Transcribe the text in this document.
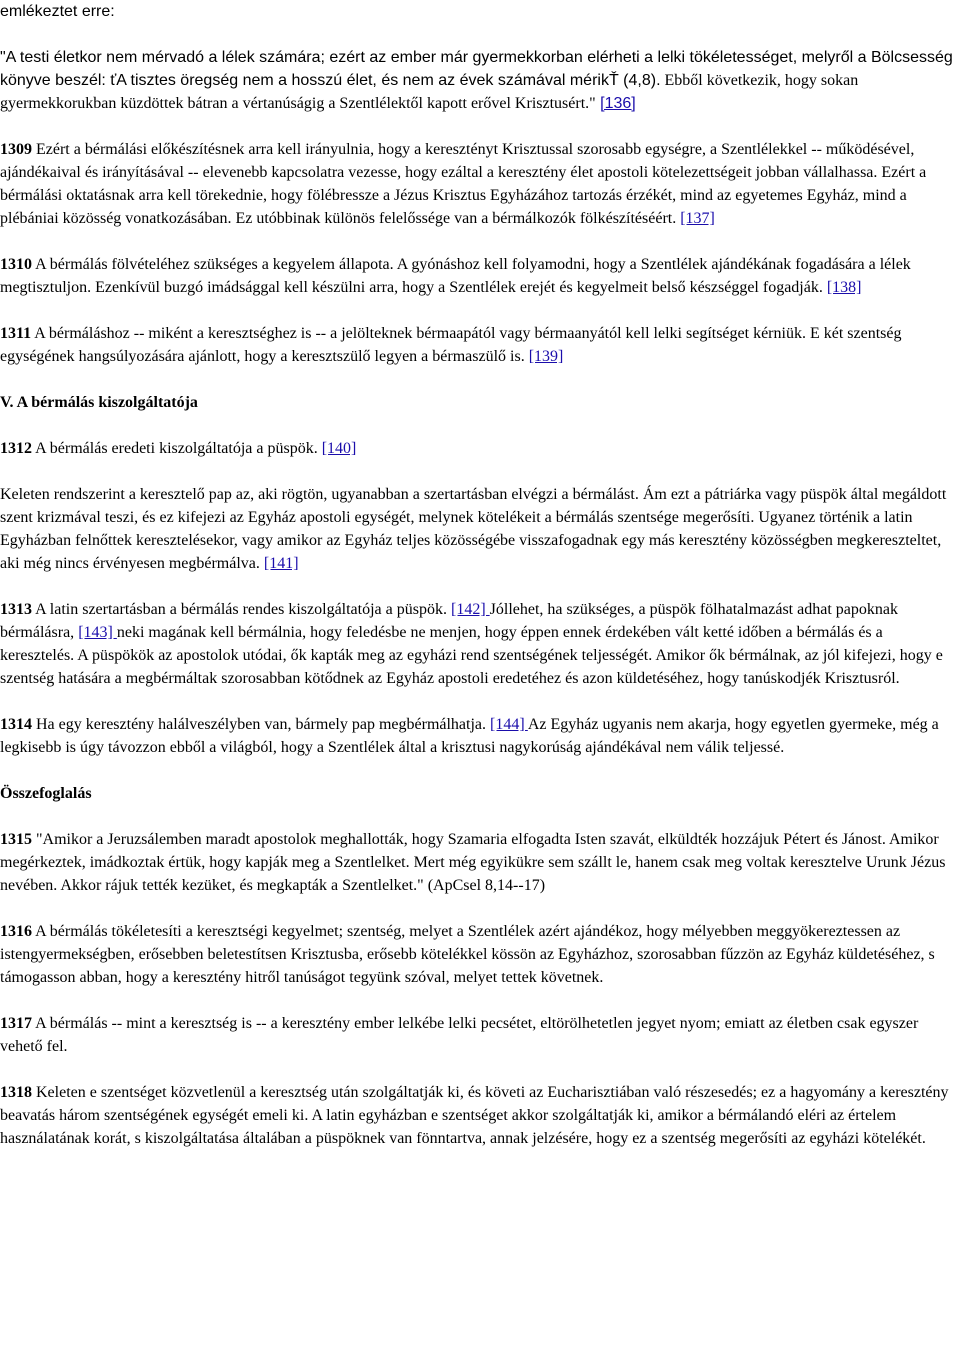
emlékeztet erre:

"A testi életkor nem mérvadó a lélek számára; ezért az ember már gyermekkorban elérheti a lelki tökéletességet, melyről a Bölcsesség könyve beszél: ťA tisztes öregség nem a hosszú élet, és nem az évek számával mérikŤ (4,8). Ebből következik, hogy sokan gyermekkorukban küzdöttek bátran a vértanúságig a Szentlélektől kapott erővel Krisztusért." [136]

1309 Ezért a bérmálási előkészítésnek arra kell irányulnia, hogy a keresztényt Krisztussal szorosabb egységre, a Szentlélekkel -- működésével, ajándékaival és irányításával -- elevenebb kapcsolatra vezesse, hogy ezáltal a keresztény élet apostoli kötelezettségeit jobban vállalhassa. Ezért a bérmálási oktatásnak arra kell törekednie, hogy fölébressze a Jézus Krisztus Egyházához tartozás érzékét, mind az egyetemes Egyház, mind a plébániai közösség vonatkozásában. Ez utóbbinak különös felelőssége van a bérmálkozók fölkészítéséért. [137]

1310 A bérmálás fölvételéhez szükséges a kegyelem állapota. A gyónáshoz kell folyamodni, hogy a Szentlélek ajándékának fogadására a lélek megtisztuljon. Ezenkívül buzgó imádsággal kell készülni arra, hogy a Szentlélek erejét és kegyelmeit belső készséggel fogadják. [138]

1311 A bérmáláshoz -- miként a keresztséghez is -- a jelölteknek bérmaapától vagy bérmaanyától kell lelki segítséget kérniük. E két szentség egységének hangsúlyozására ajánlott, hogy a keresztszülő legyen a bérmaszülő is. [139]

V. A bérmálás kiszolgáltatója

1312 A bérmálás eredeti kiszolgáltatója a püspök. [140]

Keleten rendszerint a keresztelő pap az, aki rögtön, ugyanabban a szertartásban elvégzi a bérmálást. Ám ezt a pátriárka vagy püspök által megáldott szent krizmával teszi, és ez kifejezi az Egyház apostoli egységét, melynek kötelékeit a bérmálás szentsége megerősíti. Ugyanez történik a latin Egyházban felnőttek keresztelésekor, vagy amikor az Egyház teljes közösségébe visszafogadnak egy más keresztény közösségben megkereszteltet, aki még nincs érvényesen megbérmálva. [141]

1313 A latin szertartásban a bérmálás rendes kiszolgáltatója a püspök. [142] Jóllehet, ha szükséges, a püspök fölhatalmazást adhat papoknak bérmálásra, [143] neki magának kell bérmálnia, hogy feledésbe ne menjen, hogy éppen ennek érdekében vált ketté időben a bérmálás és a keresztelés. A püspökök az apostolok utódai, ők kapták meg az egyházi rend szentségének teljességét. Amikor ők bérmálnak, az jól kifejezi, hogy e szentség hatására a megbérmáltak szorosabban kötődnek az Egyház apostoli eredetéhez és azon küldetéséhez, hogy tanúskodjék Krisztusról.

1314 Ha egy keresztény halálveszélyben van, bármely pap megbérmálhatja. [144] Az Egyház ugyanis nem akarja, hogy egyetlen gyermeke, még a legkisebb is úgy távozzon ebből a világból, hogy a Szentlélek által a krisztusi nagykorúság ajándékával nem válik teljessé.

Összefoglalás

1315 "Amikor a Jeruzsálemben maradt apostolok meghallották, hogy Szamaria elfogadta Isten szavát, elküldték hozzájuk Pétert és Jánost. Amikor megérkeztek, imádkoztak értük, hogy kapják meg a Szentlelket. Mert még egyikükre sem szállt le, hanem csak meg voltak keresztelve Urunk Jézus nevében. Akkor rájuk tették kezüket, és megkapták a Szentlelket." (ApCsel 8,14--17)

1316 A bérmálás tökéletesíti a keresztségi kegyelmet; szentség, melyet a Szentlélek azért ajándékoz, hogy mélyebben meggyökereztessen az istengyermekségben, erősebben beletestítsen Krisztusba, erősebb kötelékkel kössön az Egyházhoz, szorosabban fűzzön az Egyház küldetéséhez, s támogasson abban, hogy a keresztény hitről tanúságot tegyünk szóval, melyet tettek követnek.

1317 A bérmálás -- mint a keresztség is -- a keresztény ember lelkébe lelki pecsétet, eltörölhetetlen jegyet nyom; emiatt az életben csak egyszer vehető fel.

1318 Keleten e szentséget közvetlenül a keresztség után szolgáltatják ki, és követi az Eucharisztiában való részesedés; ez a hagyomány a keresztény beavatás három szentségének egységét emeli ki. A latin egyházban e szentséget akkor szolgáltatják ki, amikor a bérmálandó eléri az értelem használatának korát, s kiszolgáltatása általában a püspöknek van fönntartva, annak jelzésére, hogy ez a szentség megerősíti az egyházi kötelékét.
